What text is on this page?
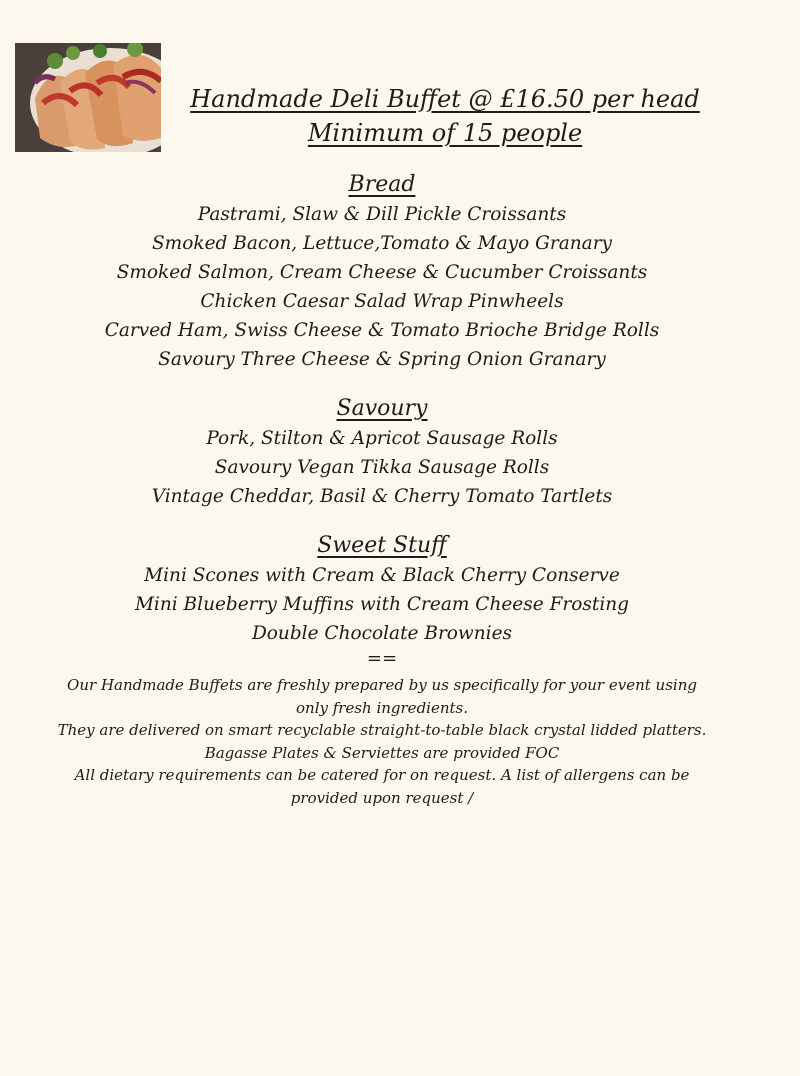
Handmade Deli Buffet @ £16.50 per head
Minimum of 15 people
Bread
Pastrami, Slaw & Dill Pickle Croissants
Smoked Bacon, Lettuce,Tomato & Mayo Granary
Smoked Salmon, Cream Cheese & Cucumber Croissants
Chicken Caesar Salad Wrap Pinwheels
Carved Ham, Swiss Cheese & Tomato Brioche Bridge Rolls
Savoury Three Cheese & Spring Onion Granary
Savoury
Pork, Stilton & Apricot Sausage Rolls
Savoury Vegan Tikka Sausage Rolls
Vintage Cheddar, Basil & Cherry Tomato Tartlets
Sweet Stuff
Mini Scones with Cream & Black Cherry Conserve
Mini Blueberry Muffins with Cream Cheese Frosting
Double Chocolate Brownies
==
Our Handmade Buffets are freshly prepared by us specifically for your event using
only fresh ingredients.
They are delivered on smart recyclable straight-to-table black crystal lidded platters.
Bagasse Plates & Serviettes are provided FOC
All dietary requirements can be catered for on request. A list of allergens can be
provided upon request /
